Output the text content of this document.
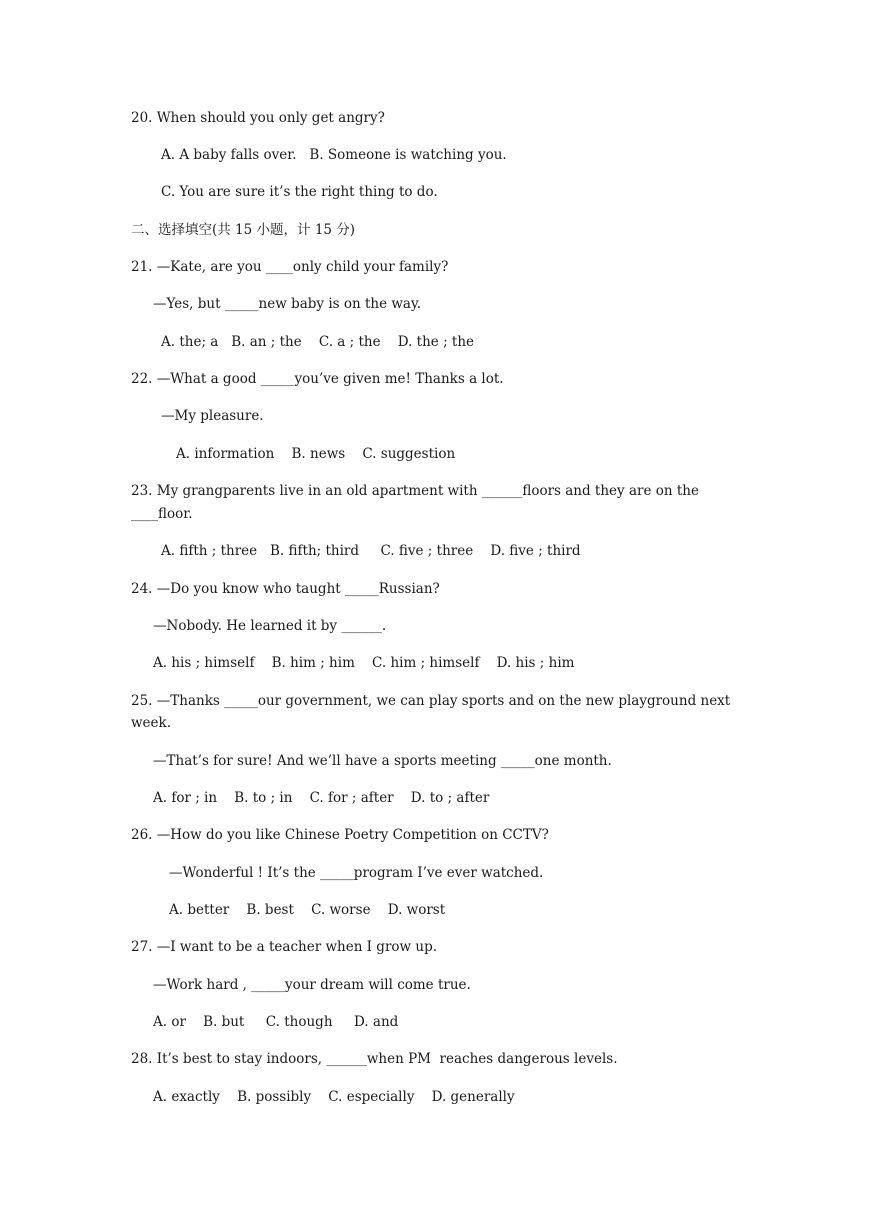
20. When should you only get angry?
A. A baby falls over.   B. Someone is watching you.
C. You are sure it’s the right thing to do.
二、选择填空(共 15 小题，计 15 分)
21. —Kate, are you ____only child your family?
—Yes, but _____new baby is on the way.
A. the; a   B. an ; the    C. a ; the    D. the ; the
22. —What a good _____you’ve given me! Thanks a lot.
—My pleasure.
A. information    B. news    C. suggestion
23. My grangparents live in an old apartment with ______floors and they are on the
____floor.
A. fifth ; three   B. fifth; third     C. five ; three    D. five ; third
24. —Do you know who taught _____Russian?
—Nobody. He learned it by ______.
A. his ; himself    B. him ; him    C. him ; himself    D. his ; him
25. —Thanks _____our government, we can play sports and on the new playground next
week.
—That’s for sure! And we’ll have a sports meeting _____one month.
A. for ; in    B. to ; in    C. for ; after    D. to ; after
26. —How do you like Chinese Poetry Competition on CCTV?
—Wonderful ! It’s the _____program I’ve ever watched.
A. better    B. best    C. worse    D. worst
27. —I want to be a teacher when I grow up.
—Work hard , _____your dream will come true.
A. or    B. but     C. though     D. and
28. It’s best to stay indoors, ______when PM  reaches dangerous levels.
A. exactly    B. possibly    C. especially    D. generally
